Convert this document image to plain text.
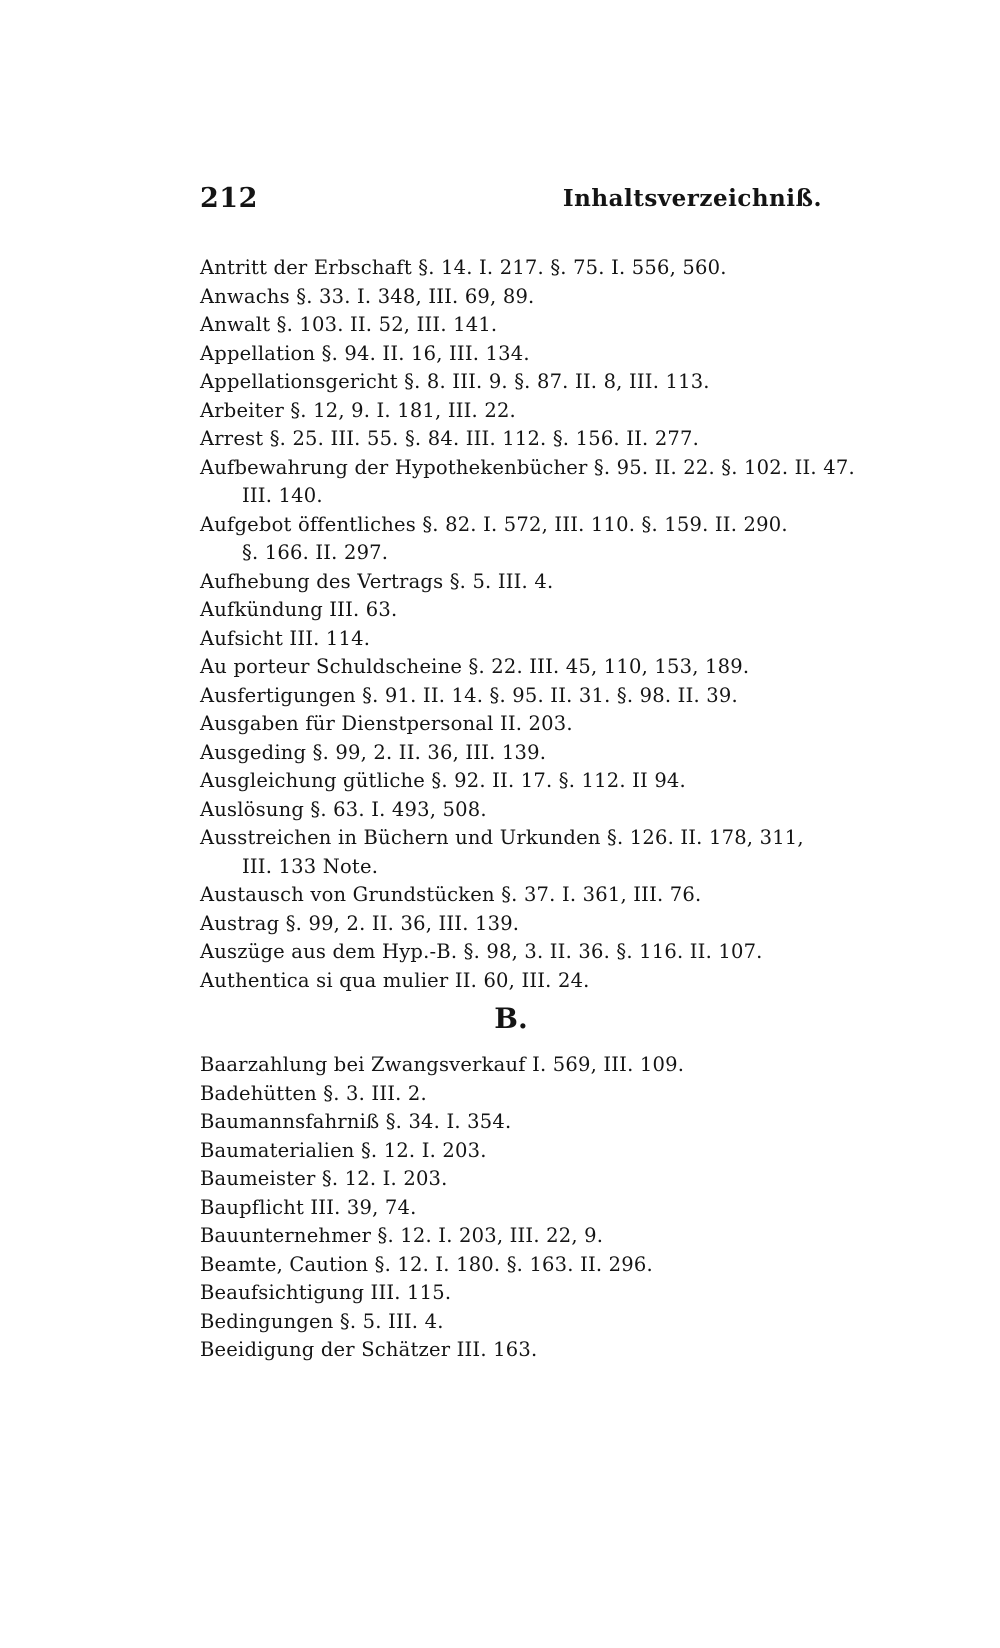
212	Inhaltsverzeichniß.
Antritt der Erbschaft §. 14. I. 217. §. 75. I. 556, 560.
Anwachs §. 33. I. 348, III. 69, 89.
Anwalt §. 103. II. 52, III. 141.
Appellation §. 94. II. 16, III. 134.
Appellationsgericht §. 8. III. 9. §. 87. II. 8, III. 113.
Arbeiter §. 12, 9. I. 181, III. 22.
Arrest §. 25. III. 55. §. 84. III. 112. §. 156. II. 277.
Aufbewahrung der Hypothekenbücher §. 95. II. 22. §. 102. II. 47.
III. 140.
Aufgebot öffentliches §. 82. I. 572, III. 110. §. 159. II. 290.
§. 166. II. 297.
Aufhebung des Vertrags §. 5. III. 4.
Aufkündung III. 63.
Aufsicht III. 114.
Au porteur Schuldscheine §. 22. III. 45, 110, 153, 189.
Ausfertigungen §. 91. II. 14. §. 95. II. 31. §. 98. II. 39.
Ausgaben für Dienstpersonal II. 203.
Ausgeding §. 99, 2. II. 36, III. 139.
Ausgleichung gütliche §. 92. II. 17. §. 112. II 94.
Auslösung §. 63. I. 493, 508.
Ausstreichen in Büchern und Urkunden §. 126. II. 178, 311,
III. 133 Note.
Austausch von Grundstücken §. 37. I. 361, III. 76.
Austrag §. 99, 2. II. 36, III. 139.
Auszüge aus dem Hyp.-B. §. 98, 3. II. 36. §. 116. II. 107.
Authentica si qua mulier II. 60, III. 24.
B.
Baarzahlung bei Zwangsverkauf I. 569, III. 109.
Badehütten §. 3. III. 2.
Baumannsfahrniß §. 34. I. 354.
Baumaterialien §. 12. I. 203.
Baumeister §. 12. I. 203.
Baupflicht III. 39, 74.
Bauunternehmer §. 12. I. 203, III. 22, 9.
Beamte, Caution §. 12. I. 180. §. 163. II. 296.
Beaufsichtigung III. 115.
Bedingungen §. 5. III. 4.
Beeidigung der Schätzer III. 163.
